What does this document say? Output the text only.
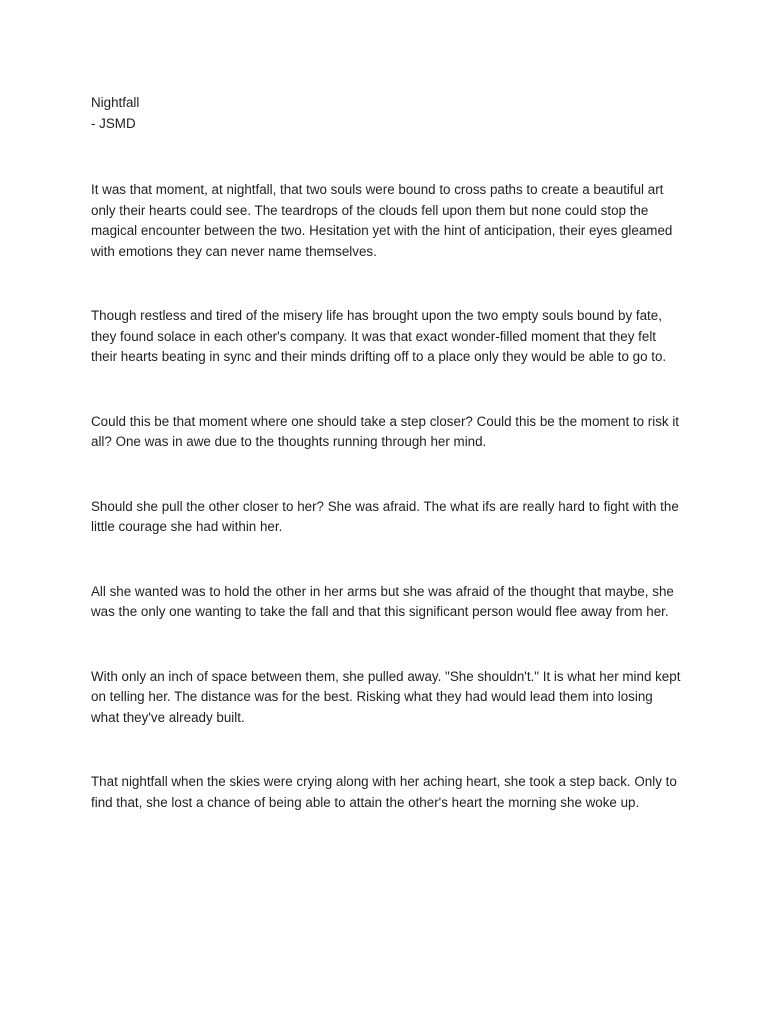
Nightfall

- JSMD

It was that moment, at nightfall, that two souls were bound to cross paths to create a beautiful art only their hearts could see. The teardrops of the clouds fell upon them but none could stop the magical encounter between the two. Hesitation yet with the hint of anticipation, their eyes gleamed with emotions they can never name themselves.

Though restless and tired of the misery life has brought upon the two empty souls bound by fate, they found solace in each other's company. It was that exact wonder-filled moment that they felt their hearts beating in sync and their minds drifting off to a place only they would be able to go to.

Could this be that moment where one should take a step closer? Could this be the moment to risk it all? One was in awe due to the thoughts running through her mind.

Should she pull the other closer to her? She was afraid. The what ifs are really hard to fight with the little courage she had within her.

All she wanted was to hold the other in her arms but she was afraid of the thought that maybe, she was the only one wanting to take the fall and that this significant person would flee away from her.

With only an inch of space between them, she pulled away. "She shouldn't." It is what her mind kept on telling her. The distance was for the best. Risking what they had would lead them into losing what they've already built.

That nightfall when the skies were crying along with her aching heart, she took a step back. Only to find that, she lost a chance of being able to attain the other's heart the morning she woke up.
